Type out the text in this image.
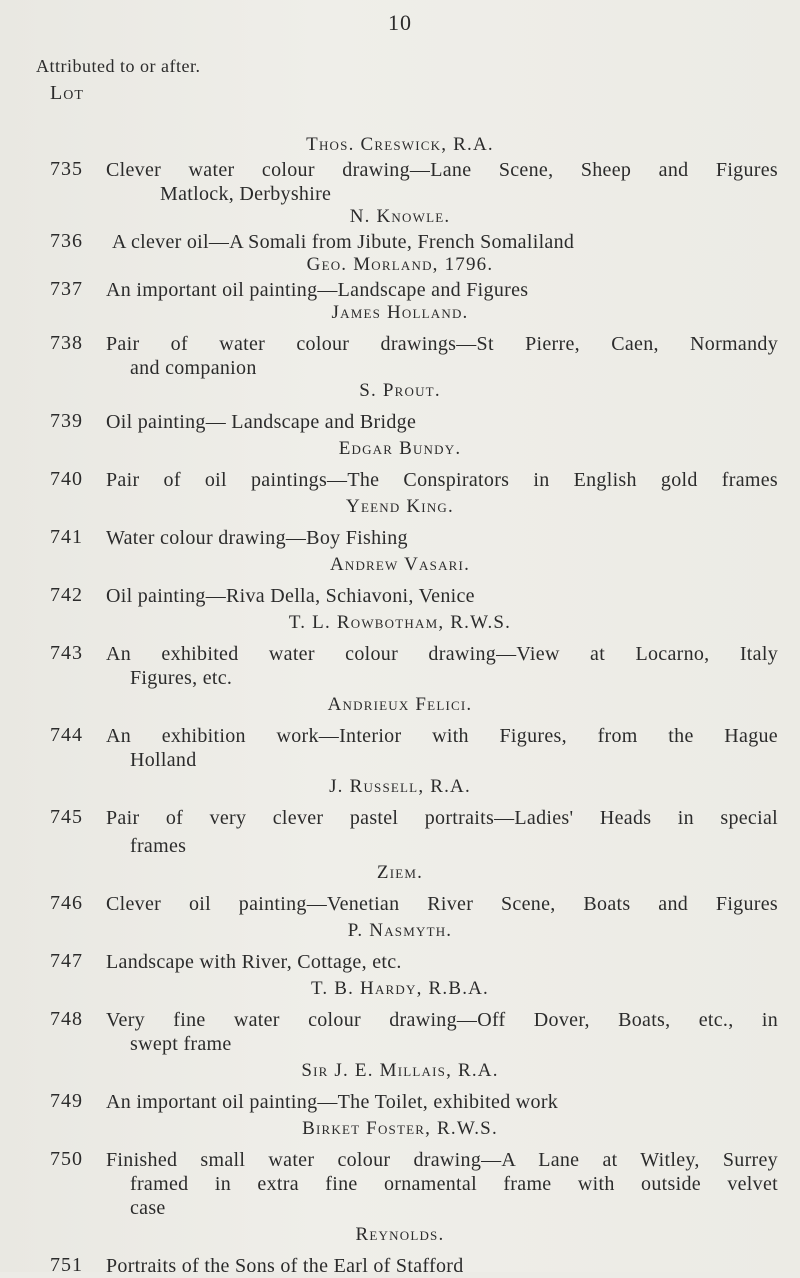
10
Attributed to or after.
Lot
Thos. Creswick, R.A.
735 Clever water colour drawing—Lane Scene, Sheep and Figures
Matlock, Derbyshire
N. Knowlе.
736 A clever oil—A Somali from Jibute, French Somaliland
Geo. Morland, 1796.
737 An important oil painting—Landscape and Figures
James Holland.
738 Pair of water colour drawings—St Pierre, Caen, Normandy
and companion
S. Prout.
739 Oil painting— Landscape and Bridge
Edgar Bundy.
740 Pair of oil paintings—The Conspirators in English gold frames
Yeend King.
741 Water colour drawing—Boy Fishing
Andrew Vasari.
742 Oil painting—Riva Della, Schiavoni, Venice
T. L. Rowbotham, R.W.S.
743 An exhibited water colour drawing—View at Locarno, Italy
Figures, etc.
Andrieux Felici.
744 An exhibition work—Interior with Figures, from the Hague
Holland
J. Russell, R.A.
745 Pair of very clever pastel portraits—Ladies' Heads in special
frames
Ziem.
746 Clever oil painting—Venetian River Scene, Boats and Figures
P. Nasmyth.
747 Landscape with River, Cottage, etc.
T. B. Hardy, R.B.A.
748 Very fine water colour drawing—Off Dover, Boats, etc., in
swept frame
Sir J. E. Millais, R.A.
749 An important oil painting—The Toilet, exhibited work
Birket Foster, R.W.S.
750 Finished small water colour drawing—A Lane at Witley, Surrey
framed in extra fine ornamental frame with outside velvet
case
Reynolds.
751 Portraits of the Sons of the Earl of Stafford
